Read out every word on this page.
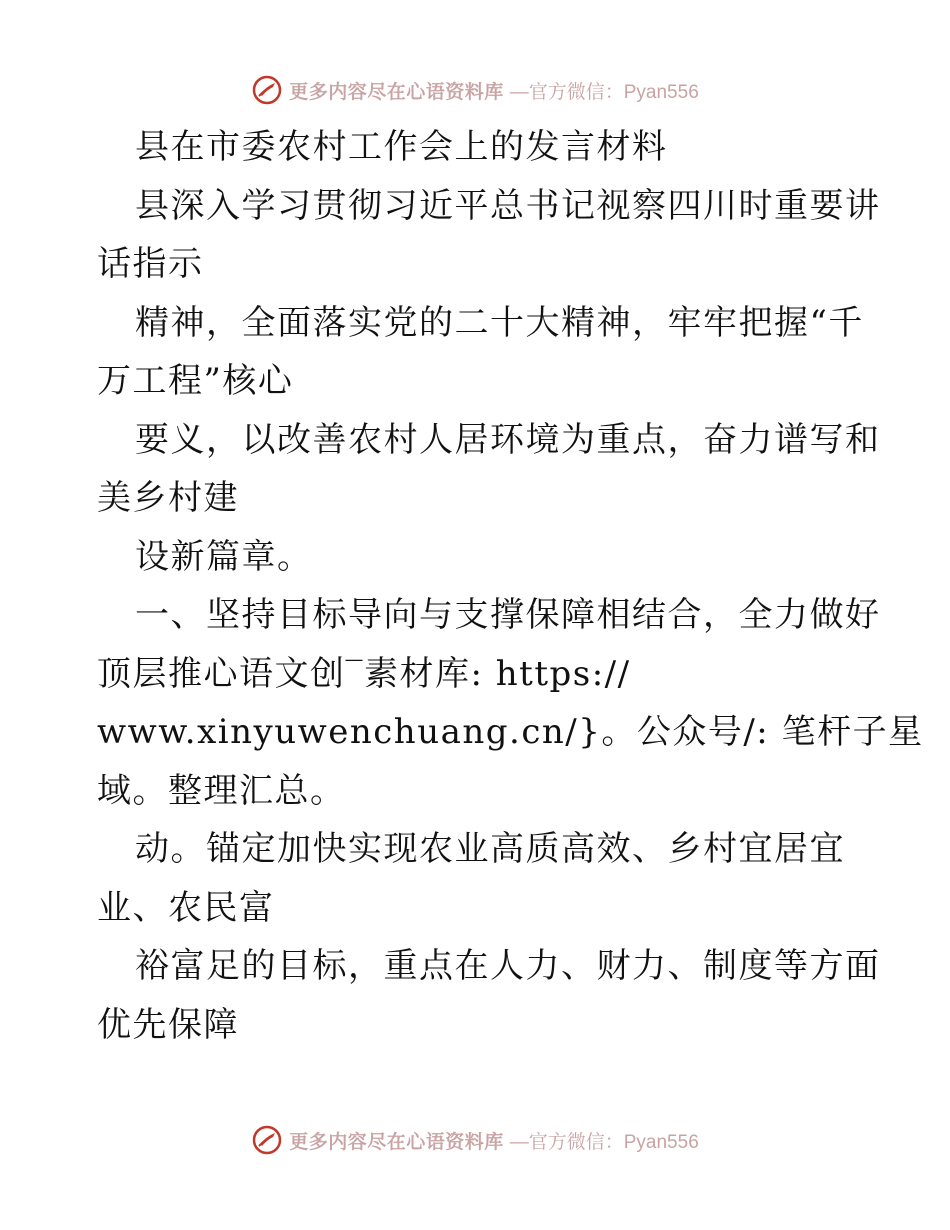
更多内容尽在心语资料库 —官方微信：Pyan556
县在市委农村工作会上的发言材料
县深入学习贯彻习近平总书记视察四川时重要讲
话指示
精神，全面落实党的二十大精神，牢牢把握“千
万工程”核心
要义，以改善农村人居环境为重点，奋力谱写和
美乡村建
设新篇章。
一、坚持目标导向与支撑保障相结合，全力做好
顶层推心语文创‾素材库: https://
www.xinyuwenchuang.cn/}。公众号/: 笔杆子星
域。整理汇总。
动。锚定加快实现农业高质高效、乡村宜居宜
业、农民富
裕富足的目标，重点在人力、财力、制度等方面
优先保障
更多内容尽在心语资料库 —官方微信：Pyan556
